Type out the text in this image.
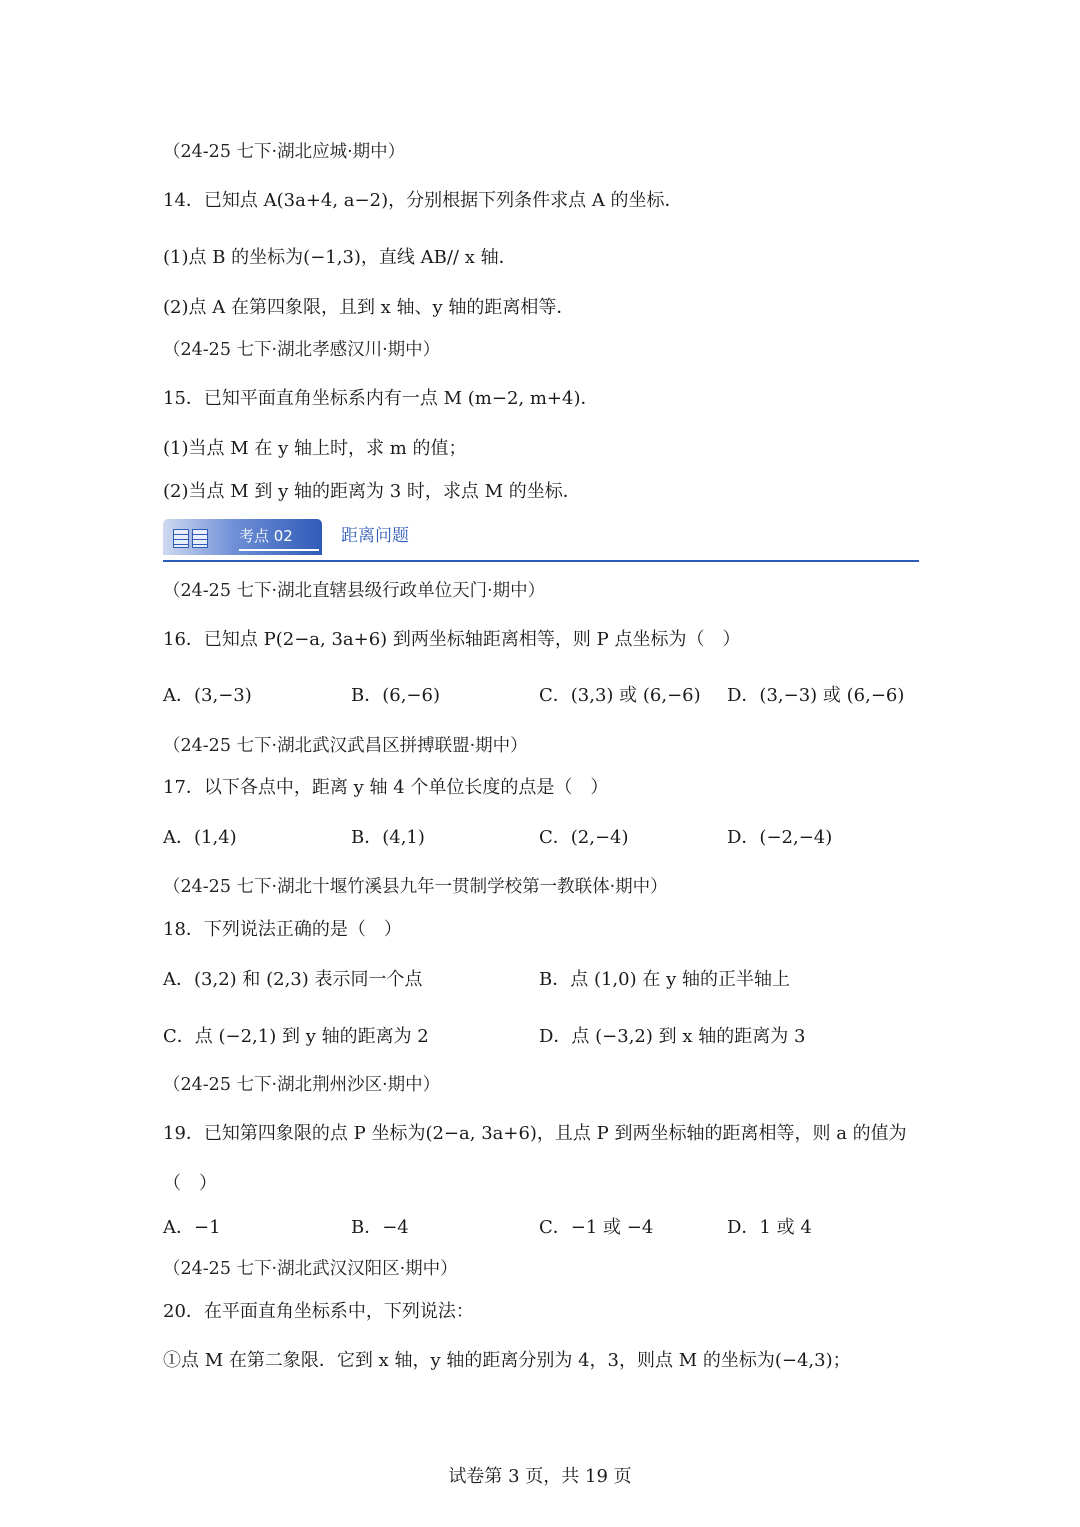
（24-25 七下·湖北应城·期中）
14．已知点 A(3a+4, a−2)，分别根据下列条件求点 A 的坐标．
(1)点 B 的坐标为(−1,3)，直线 AB// x 轴．
(2)点 A 在第四象限，且到 x 轴、y 轴的距离相等．
（24-25 七下·湖北孝感汉川·期中）
15．已知平面直角坐标系内有一点 M (m−2, m+4)．
(1)当点 M 在 y 轴上时，求 m 的值；
(2)当点 M 到 y 轴的距离为 3 时，求点 M 的坐标．
考点 02	距离问题
（24-25 七下·湖北直辖县级行政单位天门·期中）
16．已知点 P(2−a, 3a+6) 到两坐标轴距离相等，则 P 点坐标为（　）
A．(3,−3)	B．(6,−6)	C．(3,3) 或 (6,−6) D．(3,−3) 或 (6,−6)
（24-25 七下·湖北武汉武昌区拼搏联盟·期中）
17．以下各点中，距离 y 轴 4 个单位长度的点是（　）
A．(1,4)	B．(4,1)	C．(2,−4)	D．(−2,−4)
（24-25 七下·湖北十堰竹溪县九年一贯制学校第一教联体·期中）
18．下列说法正确的是（　）
A．(3,2) 和 (2,3) 表示同一个点	B．点 (1,0) 在 y 轴的正半轴上
C．点 (−2,1) 到 y 轴的距离为 2	D．点 (−3,2) 到 x 轴的距离为 3
（24-25 七下·湖北荆州沙区·期中）
19．已知第四象限的点 P 坐标为(2−a, 3a+6)，且点 P 到两坐标轴的距离相等，则 a 的值为
（　）
A．−1	B．−4	C．−1 或 −4	D．1 或 4
（24-25 七下·湖北武汉汉阳区·期中）
20．在平面直角坐标系中，下列说法：
①点 M 在第二象限．它到 x 轴，y 轴的距离分别为 4，3，则点 M 的坐标为(−4,3)；
试卷第 3 页，共 19 页
